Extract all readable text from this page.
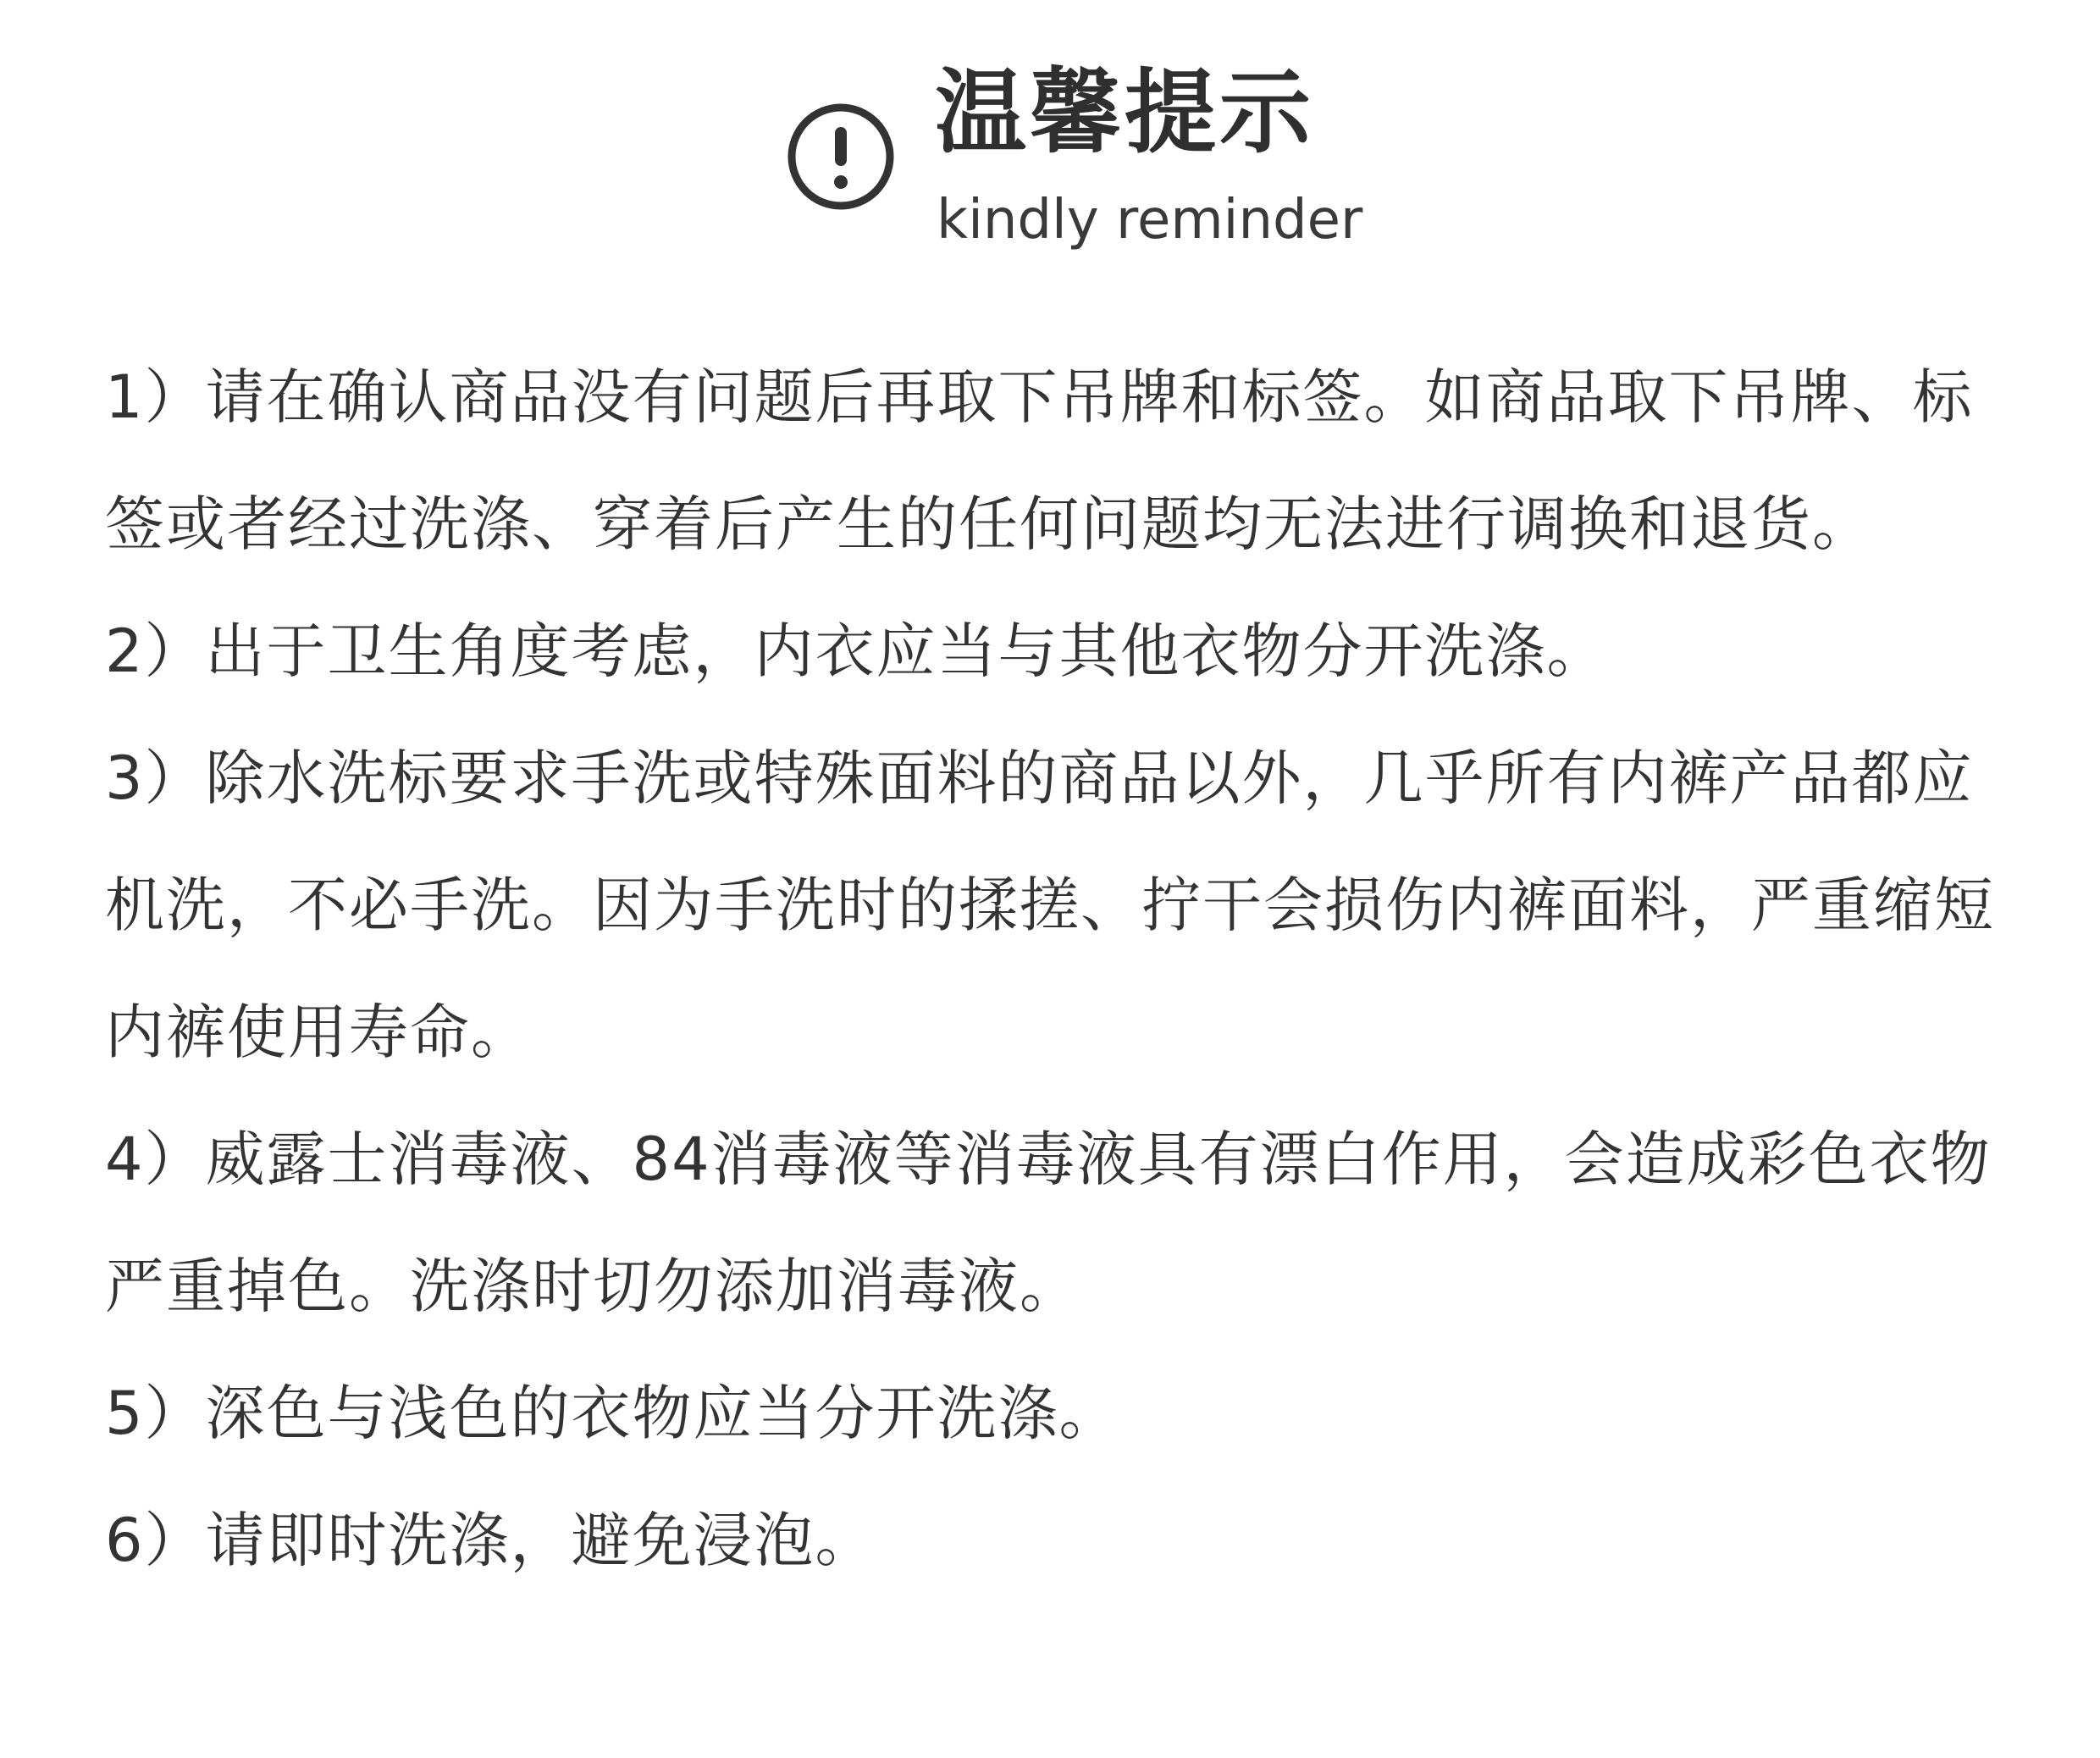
温馨提示
kindly reminder

1）请在确认商品没有问题后再取下吊牌和标签。如商品取下吊牌、标签或者经过洗涤、穿着后产生的任何问题均无法进行调换和退货。

2）出于卫生角度考虑，内衣应当与其他衣物分开洗涤。

3）除水洗标要求手洗或特殊面料的商品以外，几乎所有内裤产品都应机洗，不必手洗。因为手洗时的揉搓、拧干会损伤内裤面料，严重缩短内裤使用寿命。

4）威露士消毒液、84消毒液等消毒液具有漂白作用，会造成彩色衣物严重掉色。洗涤时切勿添加消毒液。

5）深色与浅色的衣物应当分开洗涤。

6）请即时洗涤，避免浸泡。
